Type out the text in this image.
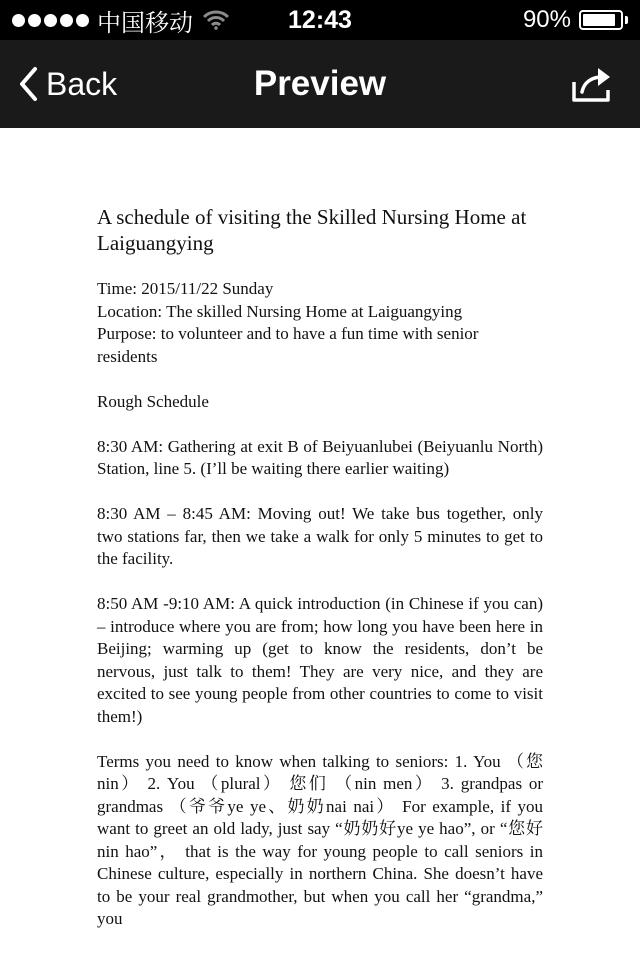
中国移动	12:43	90%
Back	Preview
A schedule of visiting the Skilled Nursing Home at Laiguangying

Time: 2015/11/22 Sunday
Location: The skilled Nursing Home at Laiguangying
Purpose: to volunteer and to have a fun time with senior residents

Rough Schedule

8:30 AM: Gathering at exit B of Beiyuanlubei (Beiyuanlu North) Station, line 5. (I’ll be waiting there earlier waiting)

8:30 AM – 8:45 AM: Moving out! We take bus together, only two stations far, then we take a walk for only 5 minutes to get to the facility.

8:50 AM -9:10 AM: A quick introduction (in Chinese if you can) – introduce where you are from; how long you have been here in Beijing; warming up (get to know the residents, don’t be nervous, just talk to them! They are very nice, and they are excited to see young people from other countries to come to visit them!)

Terms you need to know when talking to seniors: 1. You （您 nin） 2. You （plural） 您们 （nin men） 3. grandpas or grandmas （爷爷ye ye、奶奶nai nai） For example, if you want to greet an old lady, just say “奶奶好ye ye hao”, or “您好nin hao”， that is the way for young people to call seniors in Chinese culture, especially in northern China. She doesn’t have to be your real grandmother, but when you call her “grandma,” you
